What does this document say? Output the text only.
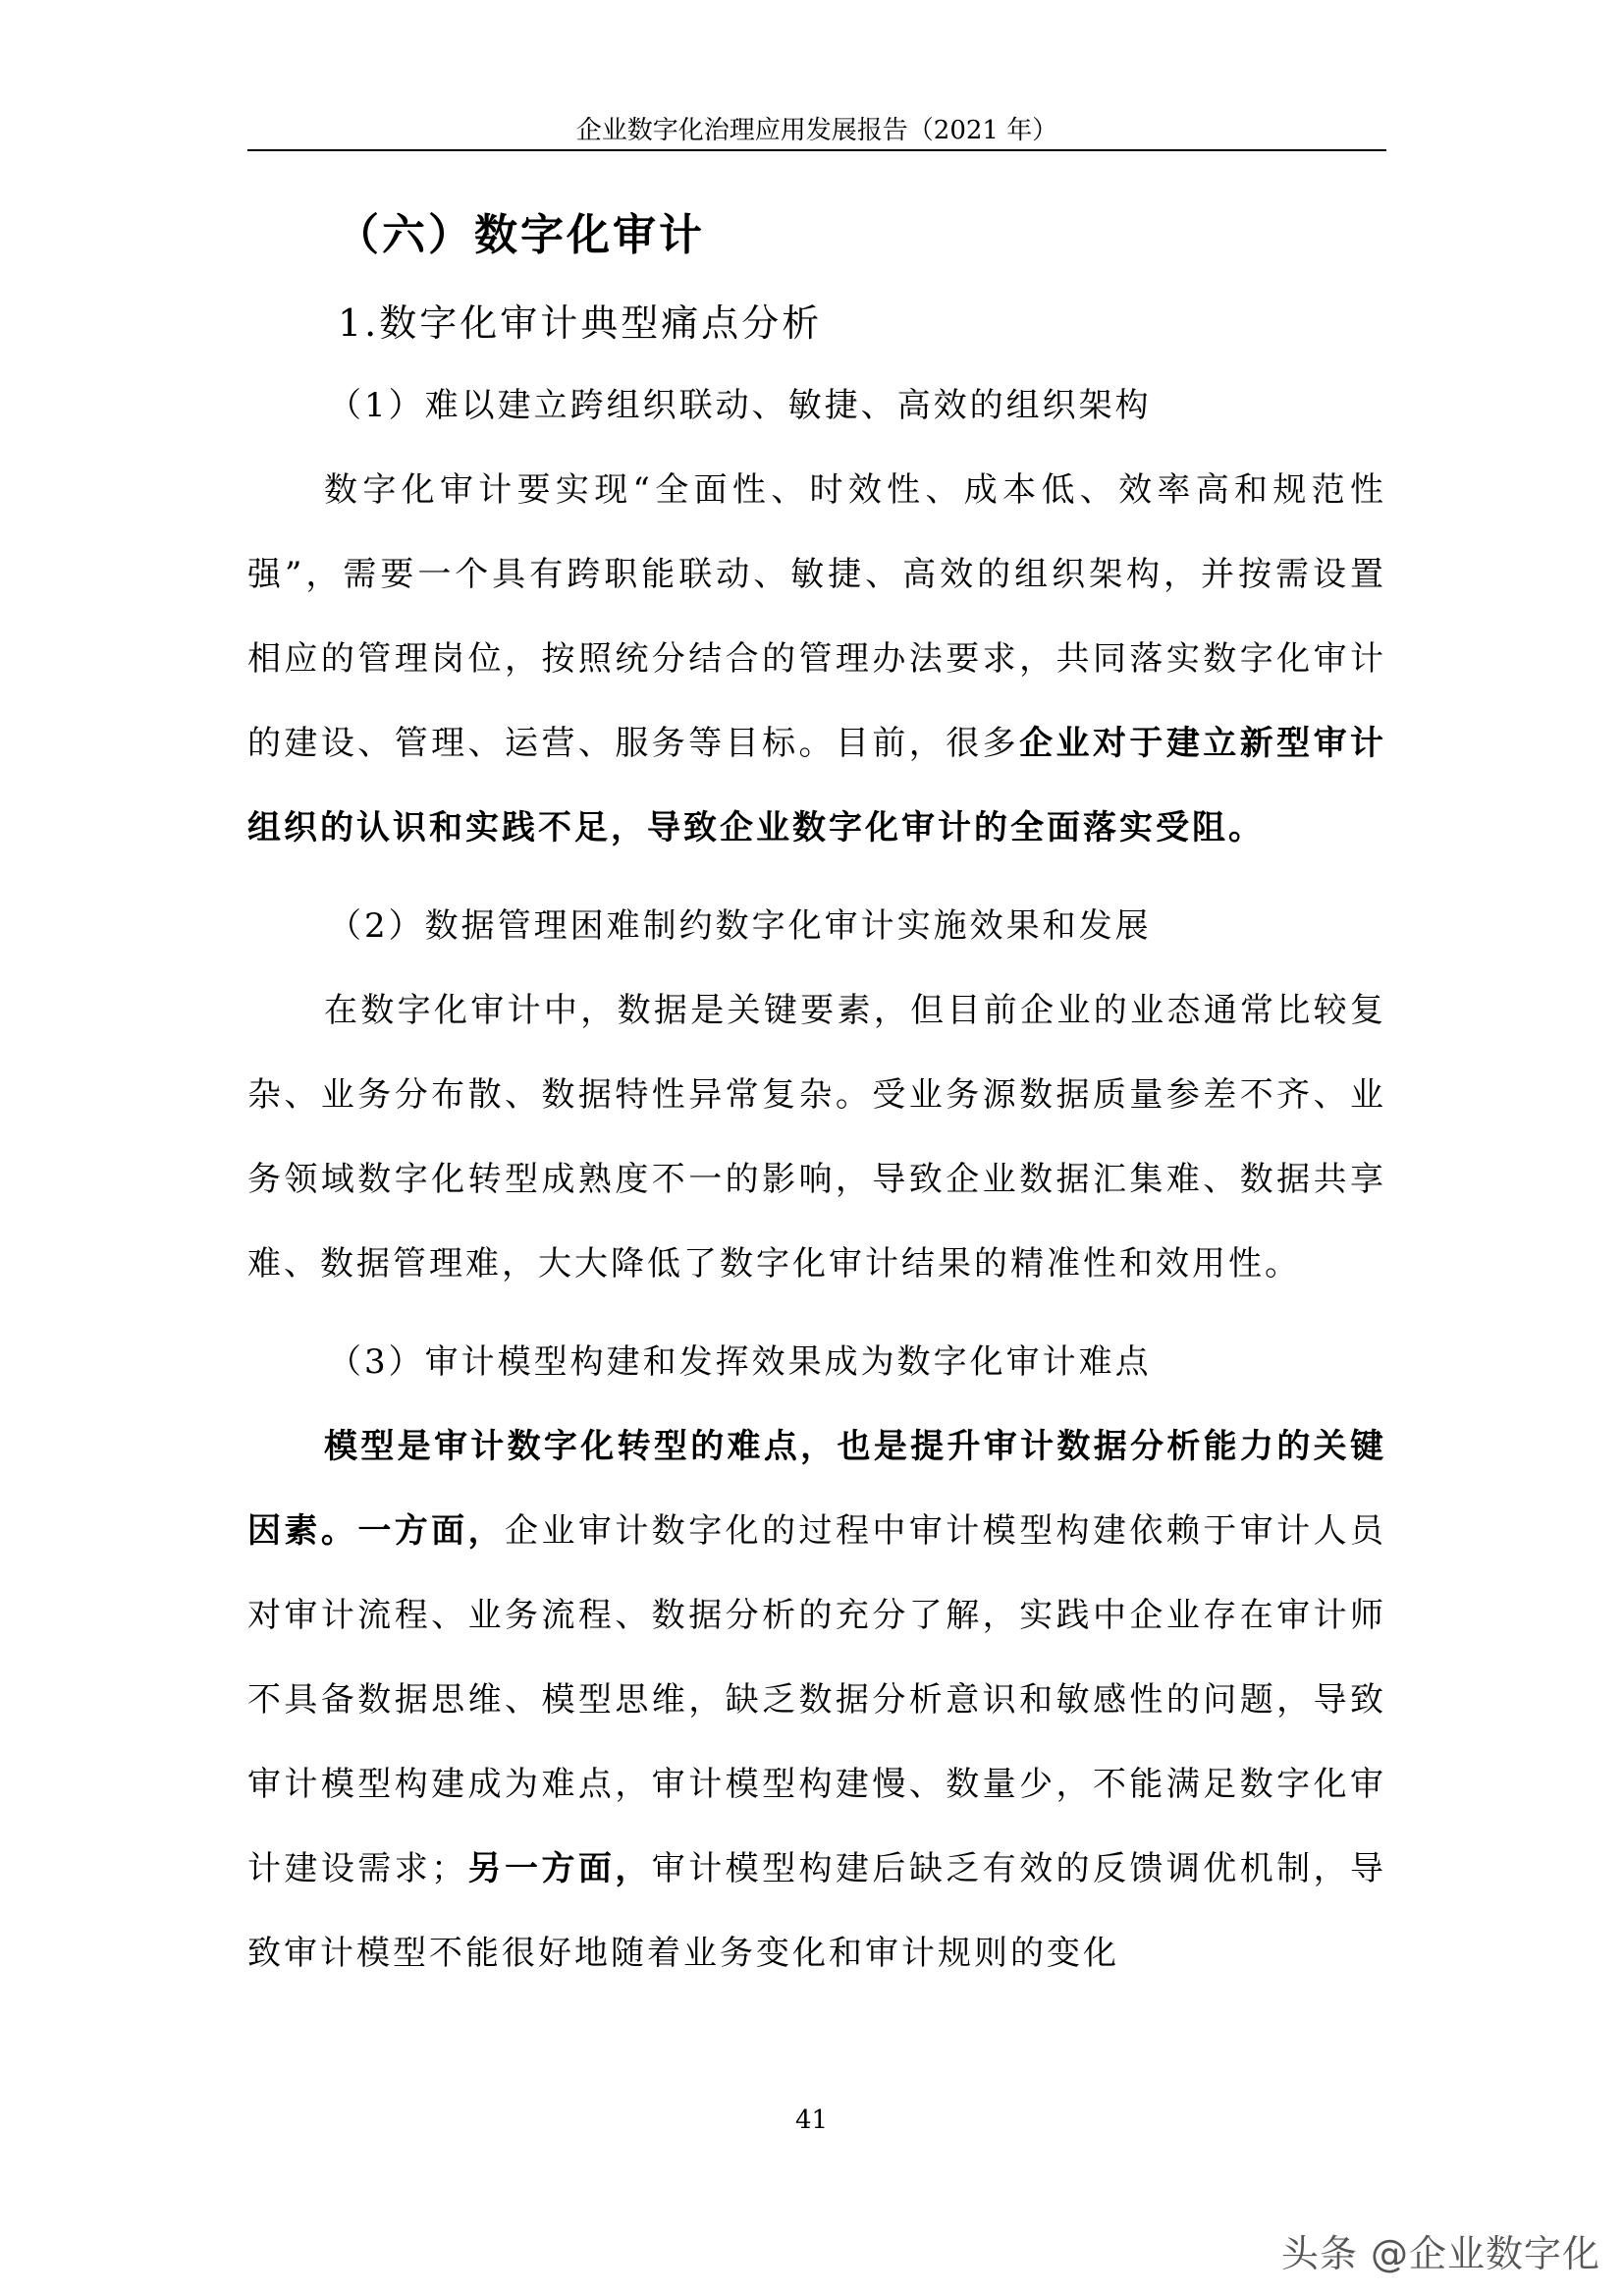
企业数字化治理应用发展报告（2021 年）
（六）数字化审计
1.数字化审计典型痛点分析
（1）难以建立跨组织联动、敏捷、高效的组织架构

数字化审计要实现“全面性、时效性、成本低、效率高和规范性强”，需要一个具有跨职能联动、敏捷、高效的组织架构，并按需设置相应的管理岗位，按照统分结合的管理办法要求，共同落实数字化审计的建设、管理、运营、服务等目标。目前，很多企业对于建立新型审计组织的认识和实践不足，导致企业数字化审计的全面落实受阻。

（2）数据管理困难制约数字化审计实施效果和发展

在数字化审计中，数据是关键要素，但目前企业的业态通常比较复杂、业务分布散、数据特性异常复杂。受业务源数据质量参差不齐、业务领域数字化转型成熟度不一的影响，导致企业数据汇集难、数据共享难、数据管理难，大大降低了数字化审计结果的精准性和效用性。

（3）审计模型构建和发挥效果成为数字化审计难点

模型是审计数字化转型的难点，也是提升审计数据分析能力的关键因素。一方面，企业审计数字化的过程中审计模型构建依赖于审计人员对审计流程、业务流程、数据分析的充分了解，实践中企业存在审计师不具备数据思维、模型思维，缺乏数据分析意识和敏感性的问题，导致审计模型构建成为难点，审计模型构建慢、数量少，不能满足数字化审计建设需求；另一方面，审计模型构建后缺乏有效的反馈调优机制，导致审计模型不能很好地随着业务变化和审计规则的变化

41
头条 @企业数字化
